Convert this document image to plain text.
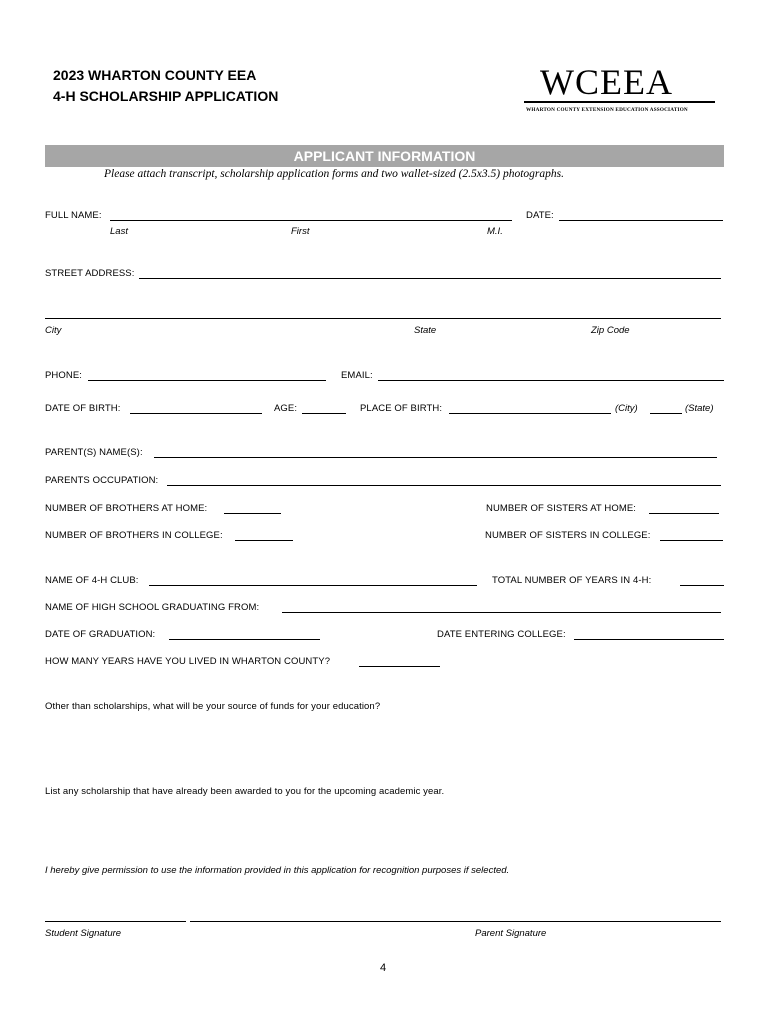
2023 WHARTON COUNTY EEA
4-H SCHOLARSHIP APPLICATION	WCEEA
WHARTON COUNTY EXTENSION EDUCATION ASSOCIATION
APPLICANT INFORMATION
Please attach transcript, scholarship application forms and two wallet-sized (2.5x3.5) photographs.
FULL NAME:	DATE:
Last	First	M.I.
STREET ADDRESS:
City	State	Zip Code
PHONE:	EMAIL:
DATE OF BIRTH:	AGE:	PLACE OF BIRTH:	(City)	(State)
PARENT(S) NAME(S):
PARENTS OCCUPATION:
NUMBER OF BROTHERS AT HOME:	NUMBER OF SISTERS AT HOME:
NUMBER OF BROTHERS IN COLLEGE:	NUMBER OF SISTERS IN COLLEGE:
NAME OF 4-H CLUB:	TOTAL NUMBER OF YEARS IN 4-H:
NAME OF HIGH SCHOOL GRADUATING FROM:
DATE OF GRADUATION:	DATE ENTERING COLLEGE:
HOW MANY YEARS HAVE YOU LIVED IN WHARTON COUNTY?
Other than scholarships, what will be your source of funds for your education?
List any scholarship that have already been awarded to you for the upcoming academic year.
I hereby give permission to use the information provided in this application for recognition purposes if selected.
Student Signature	Parent Signature
4
